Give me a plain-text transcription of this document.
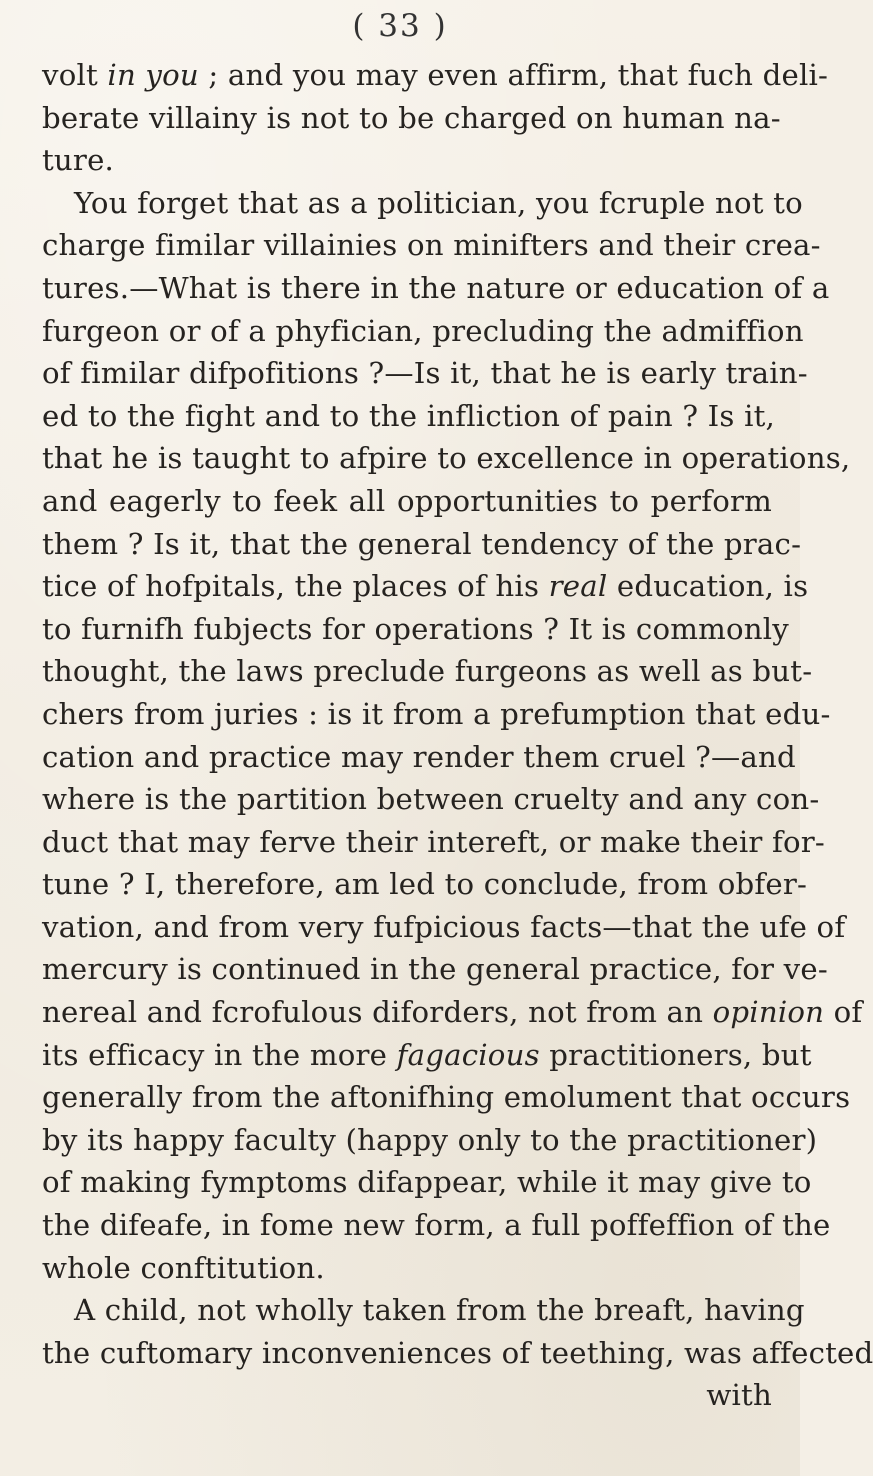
( 33 )
volt in you ; and you may even affirm, that fuch deli-
berate villainy is not to be charged on human na-
ture.
You forget that as a politician, you fcruple not to
charge fimilar villainies on minifters and their crea-
tures.—What is there in the nature or education of a
furgeon or of a phyfician, precluding the admiffion
of fimilar difpofitions ?—Is it, that he is early train-
ed to the fight and to the infliction of pain ? Is it,
that he is taught to afpire to excellence in operations,
and eagerly to feek all opportunities to perform
them ? Is it, that the general tendency of the prac-
tice of hofpitals, the places of his real education, is
to furnifh fubjects for operations ? It is commonly
thought, the laws preclude furgeons as well as but-
chers from juries : is it from a prefumption that edu-
cation and practice may render them cruel ?—and
where is the partition between cruelty and any con-
duct that may ferve their intereft, or make their for-
tune ? I, therefore, am led to conclude, from obfer-
vation, and from very fufpicious facts—that the ufe of
mercury is continued in the general practice, for ve-
nereal and fcrofulous diforders, not from an opinion of
its efficacy in the more fagacious practitioners, but
generally from the aftonifhing emolument that occurs
by its happy faculty (happy only to the practitioner)
of making fymptoms difappear, while it may give to
the difeafe, in fome new form, a full poffeffion of the
whole conftitution.
A child, not wholly taken from the breaft, having
the cuftomary inconveniences of teething, was affected
with
